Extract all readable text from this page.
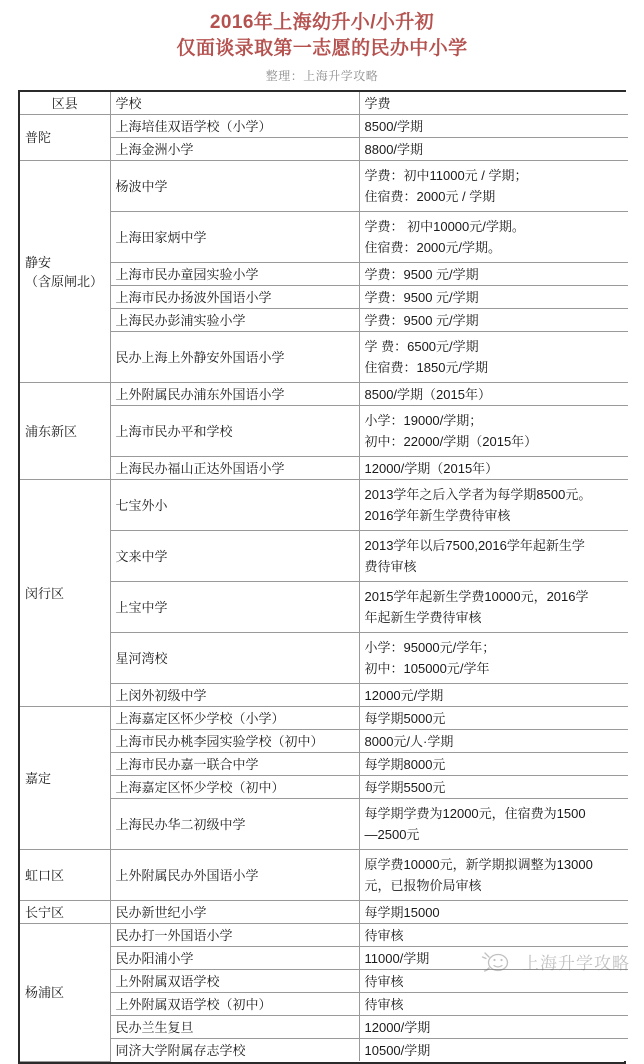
2016年上海幼升小/小升初
仅面谈录取第一志愿的民办中小学
整理：上海升学攻略
区县	学校	学费
普陀	上海培佳双语学校（小学）	8500/学期
	上海金洲小学	8800/学期

静安
（含原闸北）	杨波中学	学费：初中11000元 / 学期；
住宿费：2000元 / 学期

	上海田家炳中学	学费： 初中10000元/学期。
住宿费：2000元/学期。

	上海市民办童园实验小学	学费：9500 元/学期
	上海市民办扬波外国语小学	学费：9500 元/学期
	上海民办彭浦实验小学	学费：9500 元/学期
	民办上海上外静安外国语小学	学 费：6500元/学期
住宿费：1850元/学期

浦东新区	上外附属民办浦东外国语小学	8500/学期（2015年）
	上海市民办平和学校	小学：19000/学期；
初中：22000/学期（2015年）

	上海民办福山正达外国语小学	12000/学期（2015年）
闵行区	七宝外小	2013学年之后入学者为每学期8500元。
2016学年新生学费待审核

	文来中学	2013学年以后7500,2016学年起新生学
费待审核

	上宝中学	2015学年起新生学费10000元，2016学
年起新生学费待审核

	星河湾校	小学：95000元/学年；
初中：105000元/学年

	上闵外初级中学	12000元/学期
嘉定	上海嘉定区怀少学校（小学）	每学期5000元
	上海市民办桃李园实验学校（初中）	8000元/人·学期
	上海市民办嘉一联合中学	每学期8000元
	上海嘉定区怀少学校（初中）	每学期5500元
	上海民办华二初级中学	每学期学费为12000元，住宿费为1500
—2500元

虹口区	上外附属民办外国语小学	原学费10000元，新学期拟调整为13000
元，已报物价局审核

长宁区	民办新世纪小学	每学期15000
杨浦区	民办打一外国语小学	待审核
	民办阳浦小学	11000/学期
	上外附属双语学校	待审核
	上外附属双语学校（初中）	待审核
	民办兰生复旦	12000/学期
	同济大学附属存志学校	10500/学期
上海升学攻略
